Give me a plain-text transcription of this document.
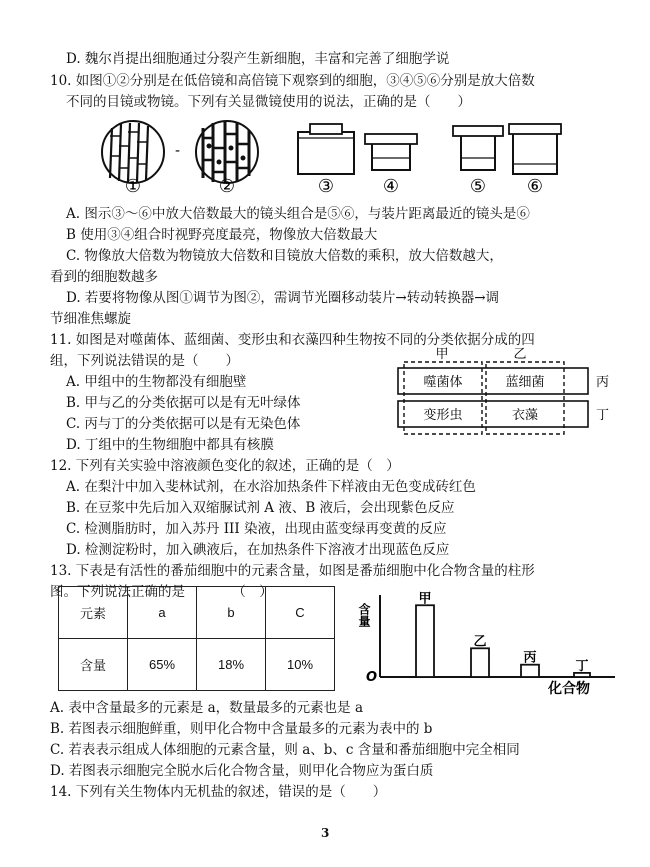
D. 魏尔肖提出细胞通过分裂产生新细胞，丰富和完善了细胞学说
10. 如图①②分别是在低倍镜和高倍镜下观察到的细胞，③④⑤⑥分别是放大倍数
不同的目镜或物镜。下列有关显微镜使用的说法，正确的是（　　）
-
①	②	③	④	⑤ ⑥
A. 图示③～⑥中放大倍数最大的镜头组合是⑤⑥，与装片距离最近的镜头是⑥
B 使用③④组合时视野亮度最亮，物像放大倍数最大
C. 物像放大倍数为物镜放大倍数和目镜放大倍数的乘积，放大倍数越大，
看到的细胞数越多
D. 若要将物像从图①调节为图②，需调节光圈移动装片→转动转换器→调
节细准焦螺旋
11. 如图是对噬菌体、蓝细菌、变形虫和衣藻四种生物按不同的分类依据分成的四
组，下列说法错误的是（　　）
A. 甲组中的生物都没有细胞壁
B. 甲与乙的分类依据可以是有无叶绿体
C. 丙与丁的分类依据可以是有无染色体
D. 丁组中的生物细胞中都具有核膜
甲	乙
噬菌体	蓝细菌
变形虫	衣藻
丙
丁
12. 下列有关实验中溶液颜色变化的叙述，正确的是（　）
A. 在梨汁中加入斐林试剂，在水浴加热条件下样液由无色变成砖红色
B. 在豆浆中先后加入双缩脲试剂 A 液、B 液后，会出现紫色反应
C. 检测脂肪时，加入苏丹 III 染液，出现由蓝变绿再变黄的反应
D. 检测淀粉时，加入碘液后，在加热条件下溶液才出现蓝色反应
13. 下表是有活性的番茄细胞中的元素含量，如图是番茄细胞中化合物含量的柱形
图。下列说法正确的是　　　　（　）
元素	a	b	C
含量	65%	18%	10%
含量
O
化合物
甲
乙
丙
丁
A. 表中含量最多的元素是 a，数量最多的元素也是 a
B. 若图表示细胞鲜重，则甲化合物中含量最多的元素为表中的 b
C. 若表表示组成人体细胞的元素含量，则 a、b、c 含量和番茄细胞中完全相同
D. 若图表示细胞完全脱水后化合物含量，则甲化合物应为蛋白质
14. 下列有关生物体内无机盐的叙述，错误的是（　　）
3
